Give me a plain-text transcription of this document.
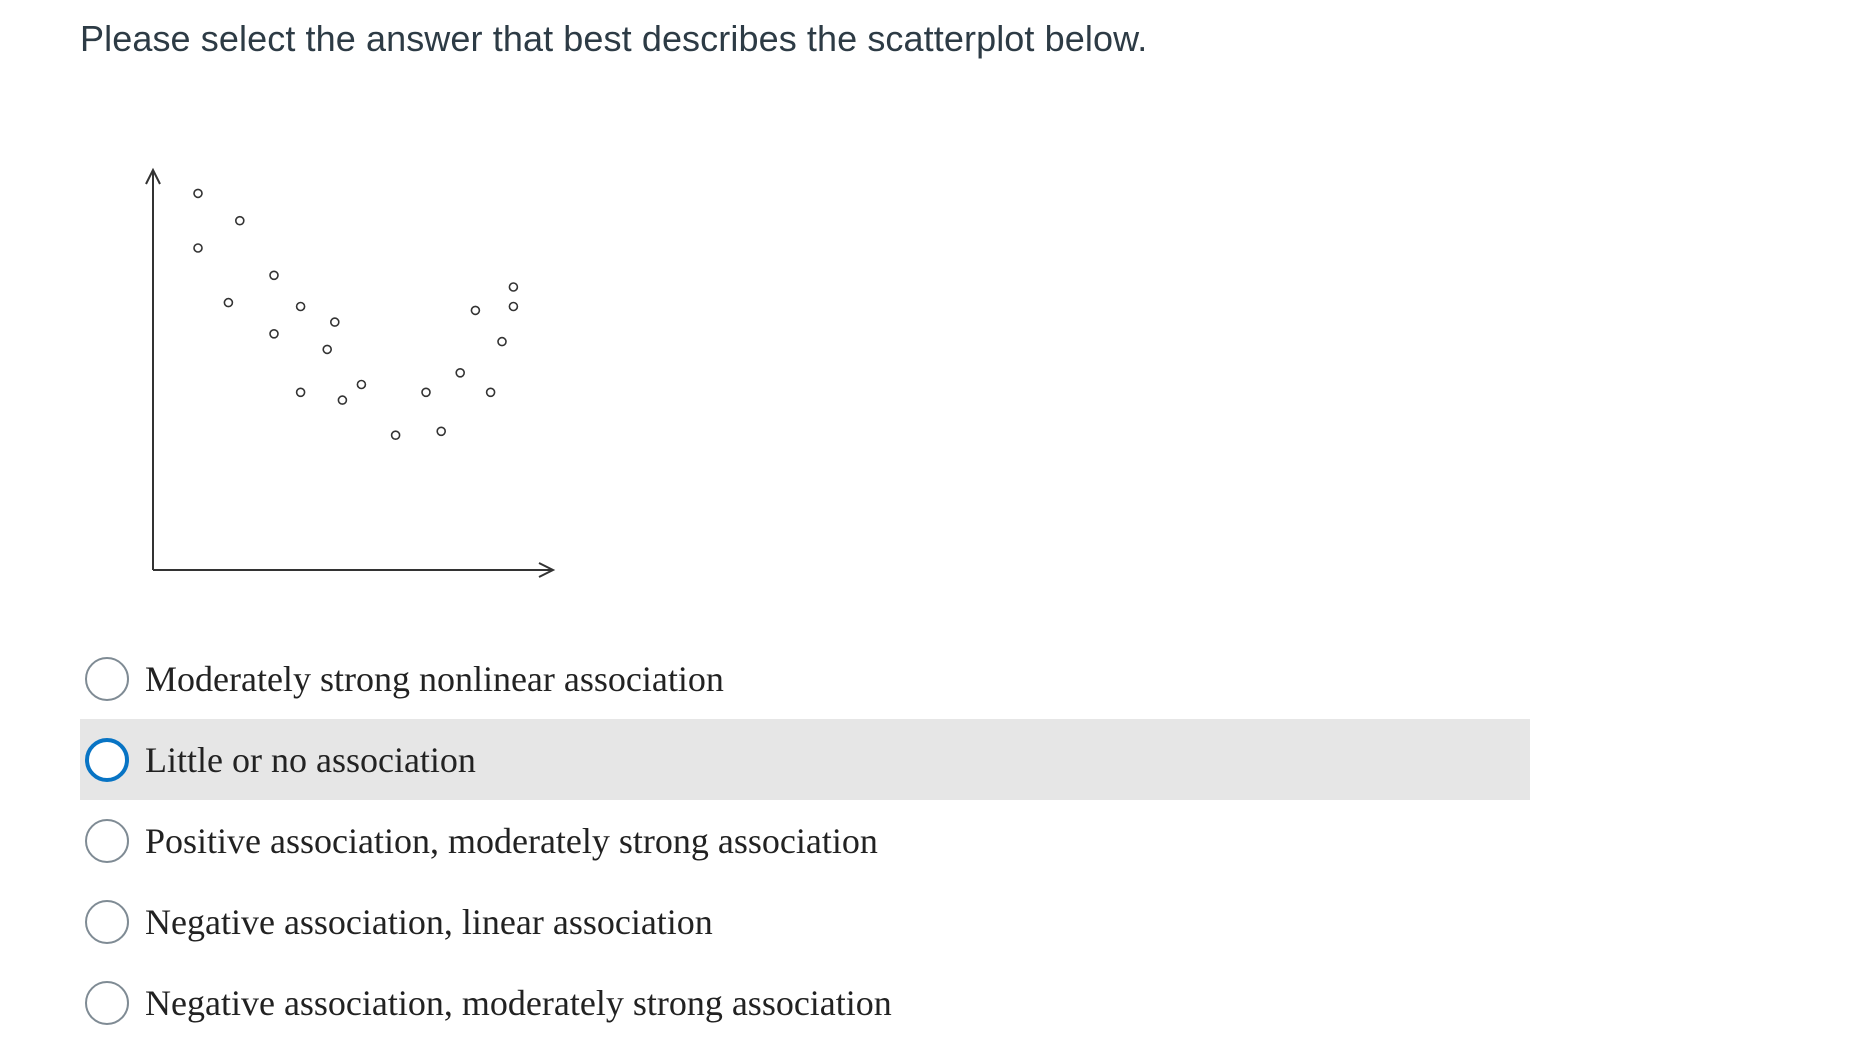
Please select the answer that best describes the scatterplot below.
Moderately strong nonlinear association
Little or no association
Positive association, moderately strong association
Negative association, linear association
Negative association, moderately strong association
